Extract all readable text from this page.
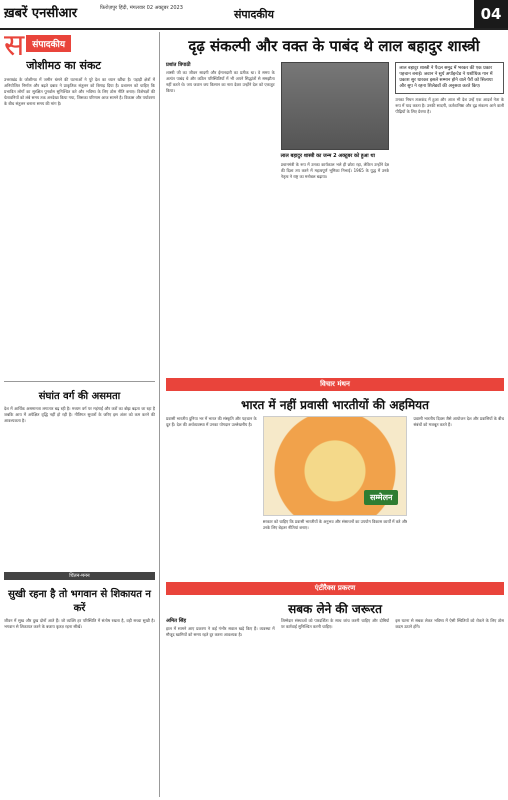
ख़बरें एनसीआर	फ़िरोज़पुर हिंदी, मंगलवार 02 अक्टूबर 2023	संपादकीय	04
स संपादकीय
जोशीमठ का संकट

उत्तराखंड के जोशीमठ में जमीन धंसने की घटनाओं ने पूरे देश का ध्यान खींचा है। पहाड़ी क्षेत्रों में अनियोजित निर्माण और बढ़ते दबाव ने प्राकृतिक संतुलन को बिगाड़ दिया है। प्रशासन को चाहिए कि प्रभावित लोगों का सुरक्षित पुनर्वास सुनिश्चित करे और भविष्य के लिए ठोस नीति बनाए। विशेषज्ञों की चेतावनियों को लंबे समय तक अनदेखा किया गया, जिसका परिणाम आज सामने है। विकास और पर्यावरण के बीच संतुलन बनाना समय की मांग है।

संघांत वर्ग की असमता

देश में आर्थिक असमानता लगातार बढ़ रही है। मध्यम वर्ग पर महंगाई और करों का बोझ बढ़ता जा रहा है जबकि आय में अपेक्षित वृद्धि नहीं हो रही है। नीतिगत सुधारों के जरिए इस अंतर को कम करने की आवश्यकता है।

चिंतन-मनन
सुखी रहना है तो भगवान से शिकायत न करें

जीवन में सुख और दुख दोनों आते हैं। जो व्यक्ति हर परिस्थिति में संतोष रखता है, वही सच्चा सुखी है। भगवान से शिकायत करने के बजाय कृतज्ञ रहना सीखें।

दृढ़ संकल्पी और वक्त के पाबंद थे लाल बहादुर शास्त्री
प्रशांत त्रिपाठी

शास्त्री जी का जीवन सादगी और ईमानदारी का प्रतीक था। वे समय के अत्यंत पाबंद थे और कठिन परिस्थितियों में भी अपने सिद्धांतों से समझौता नहीं करते थे। जय जवान जय किसान का नारा देकर उन्होंने देश को एकजुट किया।

लाल बहादुर शास्त्री का जन्म 2 अक्टूबर को हुआ था

प्रधानमंत्री के रूप में उनका कार्यकाल भले ही छोटा रहा, लेकिन उन्होंने देश की दिशा तय करने में महत्वपूर्ण भूमिका निभाई। 1965 के युद्ध में उनके नेतृत्व ने राष्ट्र का मनोबल बढ़ाया।

लाल बहादुर शास्त्री ने पैदल समुद्र में भरकर की एक प्रकार पहचान बनाई। जवान ने सुर्य अपॉइन्टेड ने यशोधिक गान में प्रकाश सुर धारकर इसले सम्मान होने वाले पैरों को सिलाया और सुप ने रहना शिलेडवों की अनुसवा करते किए।

उनका निधन ताशकंद में हुआ और आज भी देश उन्हें एक आदर्श नेता के रूप में याद करता है। उनकी सादगी, कर्तव्यनिष्ठा और दृढ़ संकल्प आने वाली पीढ़ियों के लिए प्रेरणा है।

विचार मंथन
भारत में नहीं प्रवासी भारतीयों की अहमियत

प्रवासी भारतीय दुनिया भर में भारत की संस्कृति और पहचान के दूत हैं। देश की अर्थव्यवस्था में उनका योगदान उल्लेखनीय है।

सम्मेलन

सरकार को चाहिए कि प्रवासी भारतीयों के अनुभव और संसाधनों का उपयोग विकास कार्यों में करे और उनके लिए बेहतर नीतियां बनाए।

प्रवासी भारतीय दिवस जैसे आयोजन देश और प्रवासियों के बीच संबंधों को मजबूत करते हैं।

एंटीरैक्स प्रकरण
सबक लेने की जरूरत
अमित सिंह

हाल में सामने आए प्रकरण ने कई गंभीर सवाल खड़े किए हैं। व्यवस्था में मौजूद खामियों को समय रहते दूर करना आवश्यक है।

जिम्मेदार संस्थाओं को पारदर्शिता के साथ जांच करनी चाहिए और दोषियों पर कार्रवाई सुनिश्चित करनी चाहिए।

इस घटना से सबक लेकर भविष्य में ऐसी स्थितियों को रोकने के लिए ठोस कदम उठाने होंगे।
